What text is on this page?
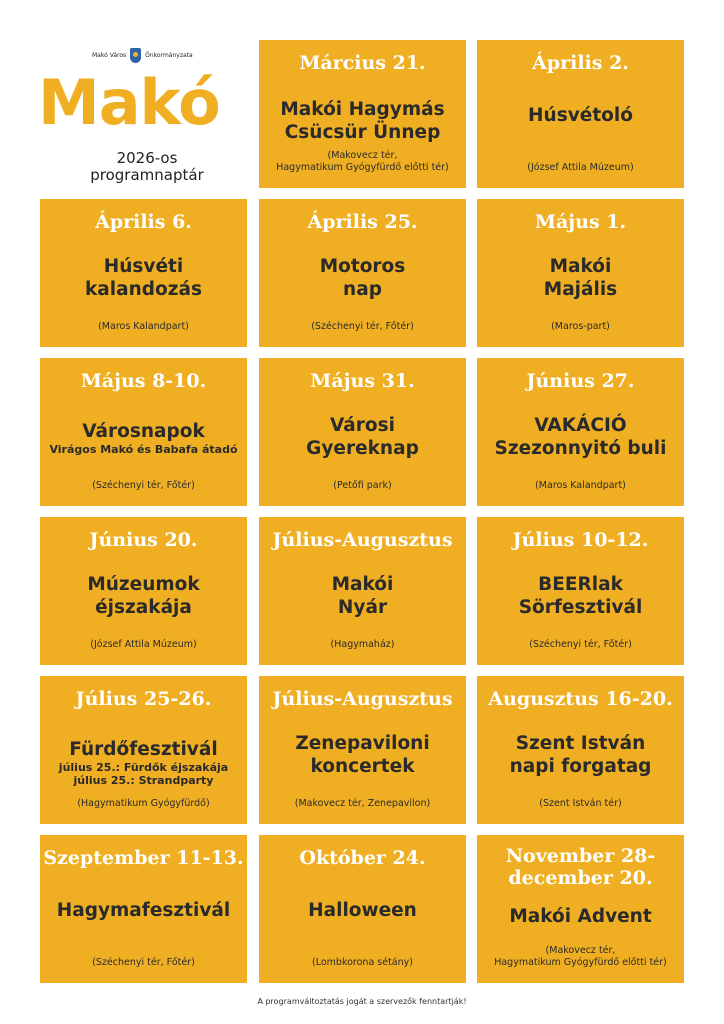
Makó Város	Önkormányzata
Makó
2026-os
programnaptár
Március 21.
Makói Hagymás
Csücsür Ünnep
(Makovecz tér,
Hagymatikum Gyógyfürdő előtti tér)
Április 2.
Húsvétoló
(József Attila Múzeum)
Április 6.
Húsvéti
kalandozás
(Maros Kalandpart)
Április 25.
Motoros
nap
(Széchenyi tér, Főtér)
Május 1.
Makói
Majális
(Maros-part)
Május 8-10.
Városnapok
Virágos Makó és Babafa átadó
(Széchenyi tér, Főtér)
Május 31.
Városi
Gyereknap
(Petőfi park)
Június 27.
VAKÁCIÓ
Szezonnyitó buli
(Maros Kalandpart)
Június 20.
Múzeumok
éjszakája
(József Attila Múzeum)
Július-Augusztus
Makói
Nyár
(Hagymaház)
Július 10-12.
BEERlak
Sörfesztivál
(Széchenyi tér, Főtér)
Július 25-26.
Fürdőfesztivál
július 25.: Fürdők éjszakája
július 25.: Strandparty
(Hagymatikum Gyógyfürdő)
Július-Augusztus
Zenepaviloni
koncertek
(Makovecz tér, Zenepavilon)
Augusztus 16-20.
Szent István
napi forgatag
(Szent István tér)
Szeptember 11-13.
Hagymafesztivál
(Széchenyi tér, Főtér)
Október 24.
Halloween
(Lombkorona sétány)
November 28-
december 20.
Makói Advent
(Makovecz tér,
Hagymatikum Gyógyfürdő előtti tér)
A programváltoztatás jogát a szervezők fenntartják!
